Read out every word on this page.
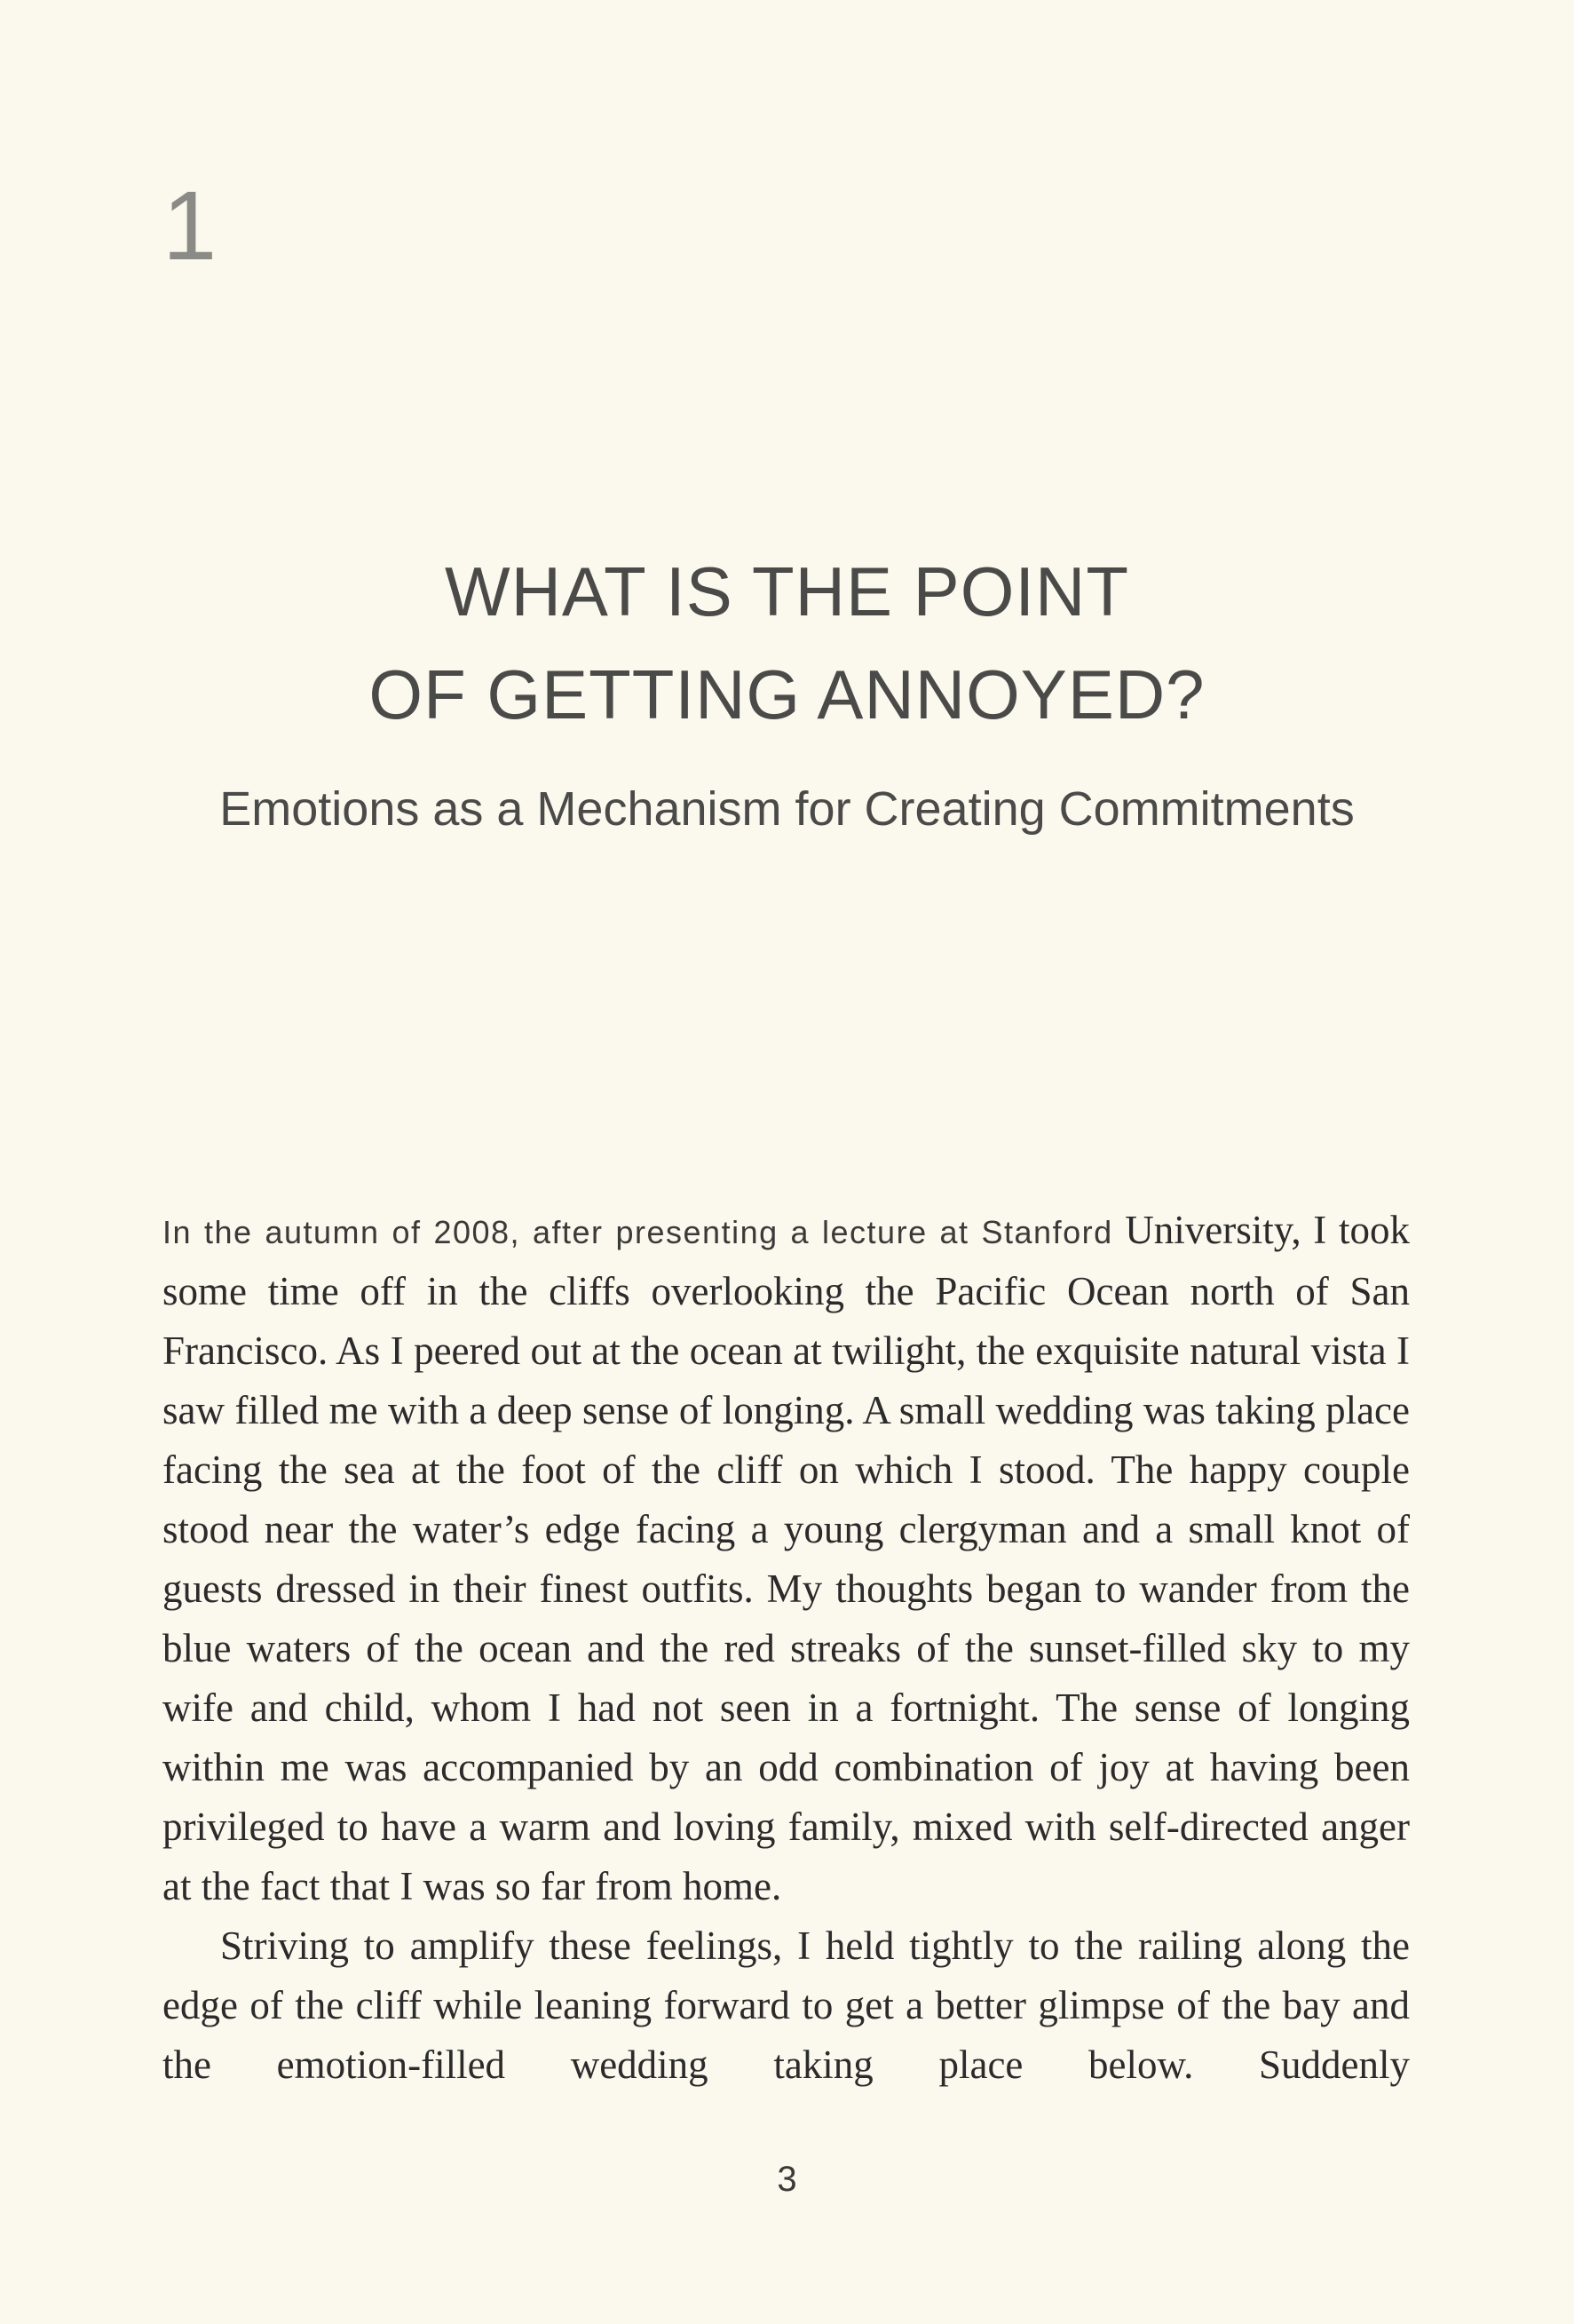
1
WHAT IS THE POINT
OF GETTING ANNOYED?
Emotions as a Mechanism for Creating Commitments

In the autumn of 2008, after presenting a lecture at Stanford University, I took some time off in the cliffs overlooking the Pacific Ocean north of San Francisco. As I peered out at the ocean at twilight, the exquisite natural vista I saw filled me with a deep sense of longing. A small wedding was taking place facing the sea at the foot of the cliff on which I stood. The happy couple stood near the water’s edge facing a young clergyman and a small knot of guests dressed in their finest outfits. My thoughts began to wander from the blue waters of the ocean and the red streaks of the sunset-filled sky to my wife and child, whom I had not seen in a fortnight. The sense of longing within me was accompanied by an odd combination of joy at having been privileged to have a warm and loving family, mixed with self-directed anger at the fact that I was so far from home.

Striving to amplify these feelings, I held tightly to the railing along the edge of the cliff while leaning forward to get a better glimpse of the bay and the emotion-filled wedding taking place below. Suddenly

3
